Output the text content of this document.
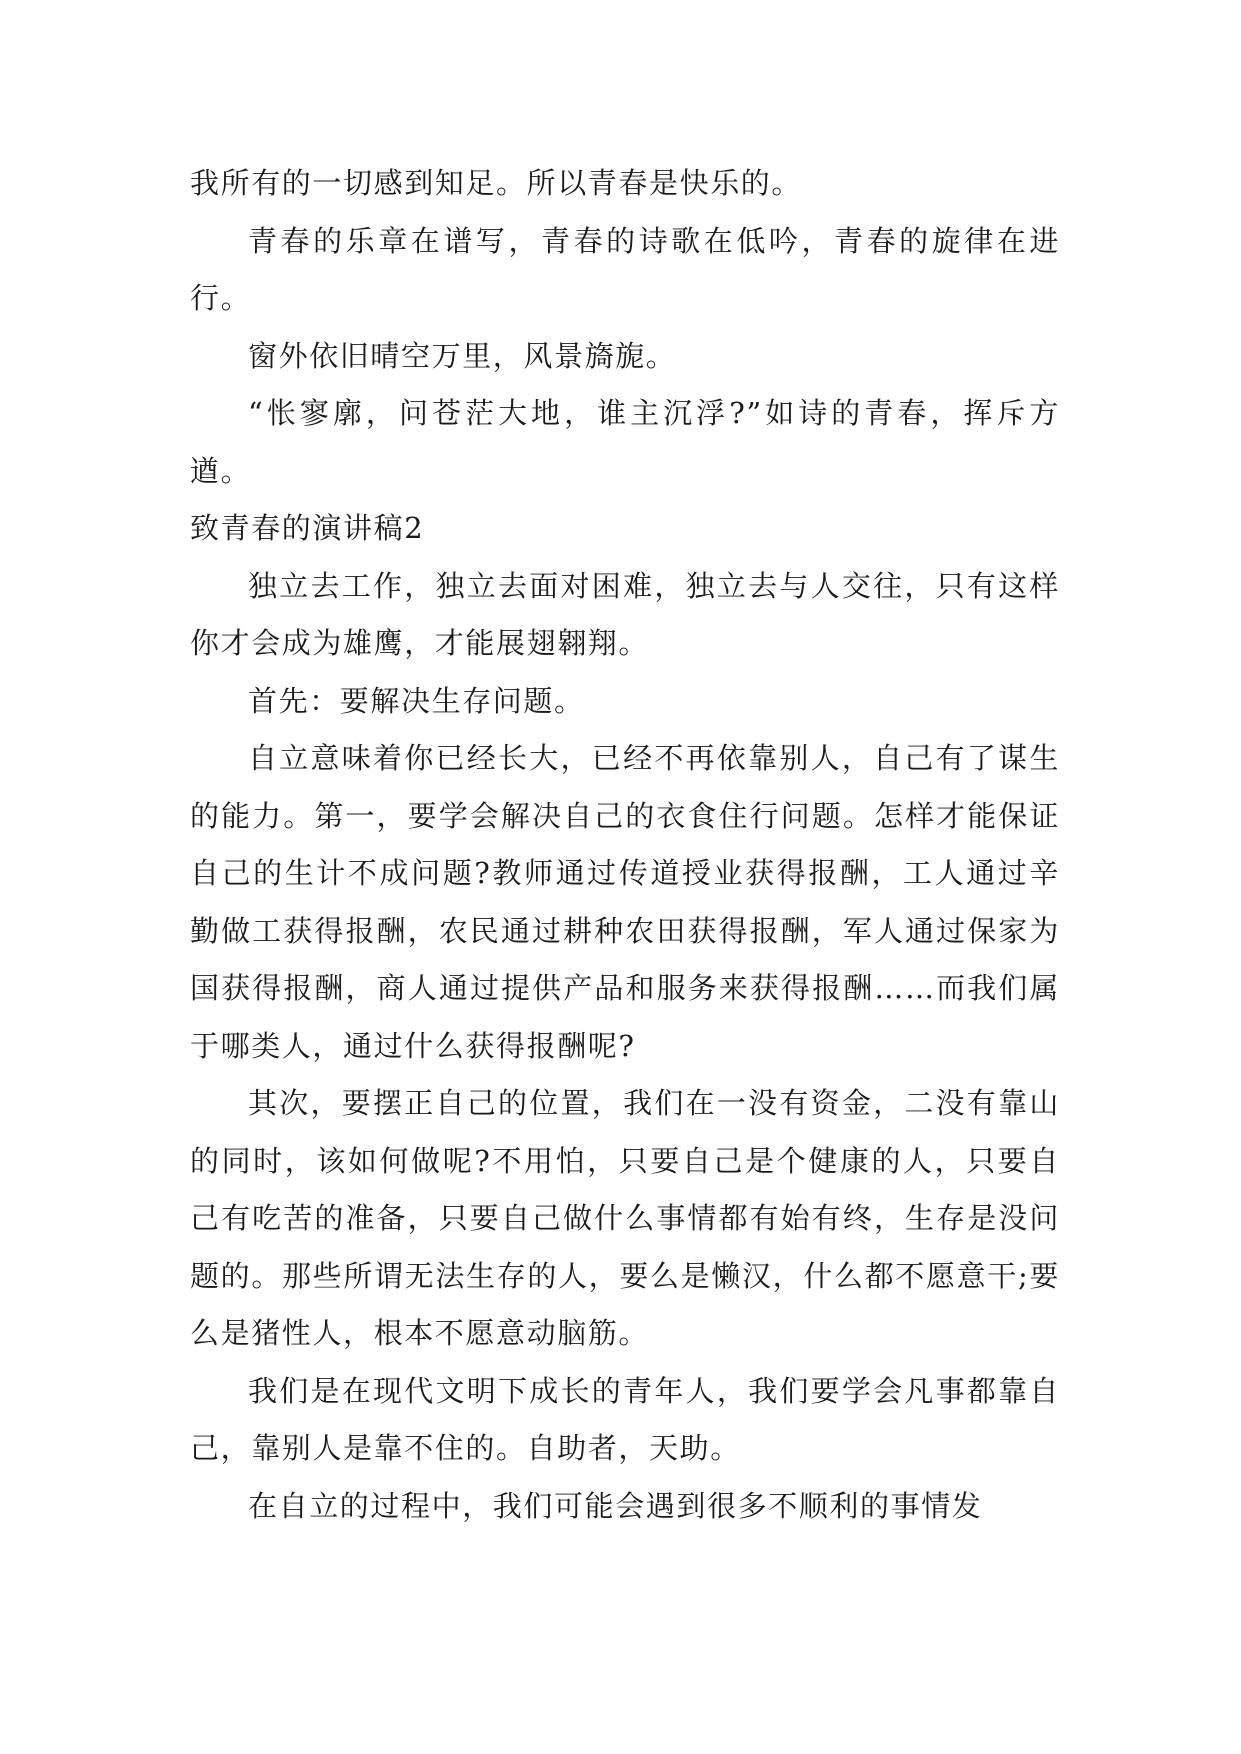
我所有的一切感到知足。所以青春是快乐的。

青春的乐章在谱写，青春的诗歌在低吟，青春的旋律在进行。

窗外依旧晴空万里，风景旖旎。

“怅寥廓，问苍茫大地，谁主沉浮?”如诗的青春，挥斥方遒。

致青春的演讲稿2

独立去工作，独立去面对困难，独立去与人交往，只有这样你才会成为雄鹰，才能展翅翱翔。

首先：要解决生存问题。

自立意味着你已经长大，已经不再依靠别人，自己有了谋生的能力。第一，要学会解决自己的衣食住行问题。怎样才能保证自己的生计不成问题?教师通过传道授业获得报酬，工人通过辛勤做工获得报酬，农民通过耕种农田获得报酬，军人通过保家为国获得报酬，商人通过提供产品和服务来获得报酬……而我们属于哪类人，通过什么获得报酬呢?

其次，要摆正自己的位置，我们在一没有资金，二没有靠山的同时，该如何做呢?不用怕，只要自己是个健康的人，只要自己有吃苦的准备，只要自己做什么事情都有始有终，生存是没问题的。那些所谓无法生存的人，要么是懒汉，什么都不愿意干;要么是猪性人，根本不愿意动脑筋。

我们是在现代文明下成长的青年人，我们要学会凡事都靠自己，靠别人是靠不住的。自助者，天助。

在自立的过程中，我们可能会遇到很多不顺利的事情发
